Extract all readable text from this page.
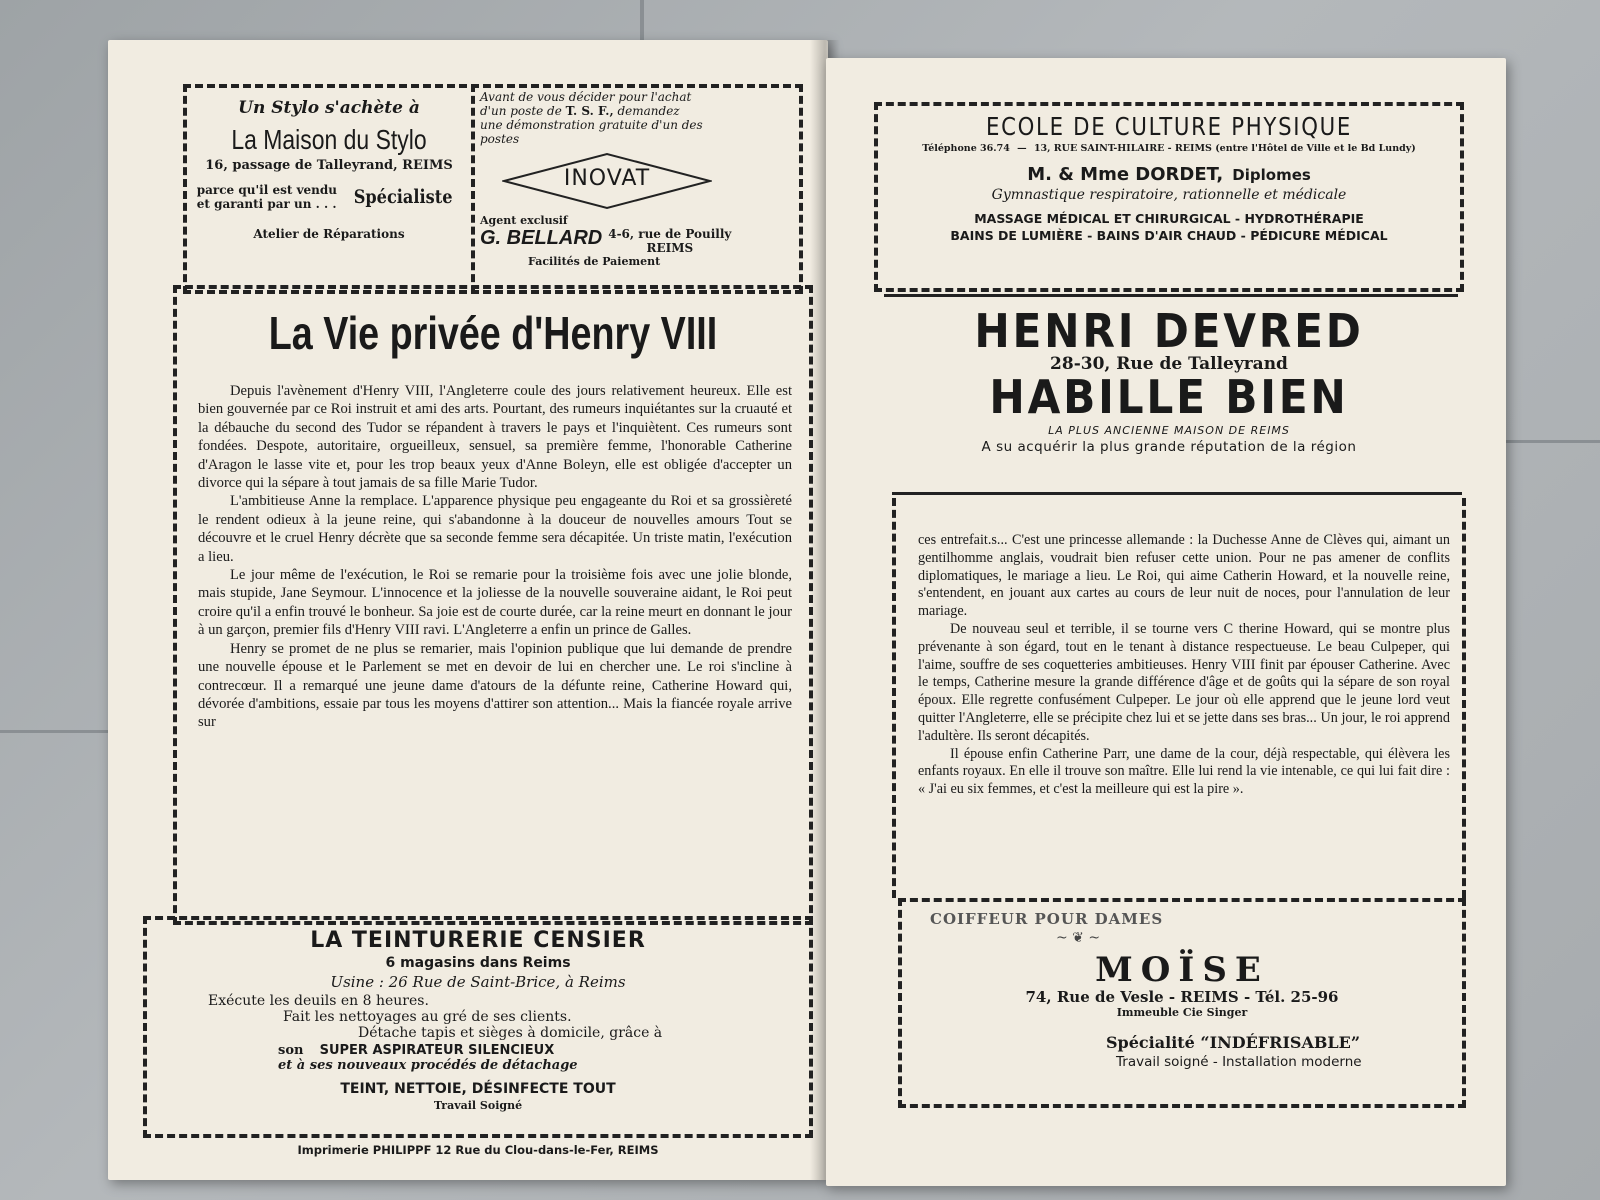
Un Stylo s'achète à
La Maison du Stylo
16, passage de Talleyrand, REIMS
parce qu'il est vendu
et garanti par un . . . Spécialiste
Atelier de Réparations
Avant de vous décider pour l'achat
d'un poste de T. S. F., demandez
une démonstration gratuite d'un des
postes
INOVAT
Agent exclusif
G. BELLARD 4-6, rue de Pouilly
REIMS
Facilités de Paiement
La Vie privée d'Henry VIII

Depuis l'avènement d'Henry VIII, l'Angleterre coule des jours relativement heureux. Elle est bien gouvernée par ce Roi instruit et ami des arts. Pourtant, des rumeurs inquiétantes sur la cruauté et la débauche du second des Tudor se répandent à travers le pays et l'inquiètent. Ces rumeurs sont fondées. Despote, autoritaire, orgueilleux, sensuel, sa première femme, l'honorable Catherine d'Aragon le lasse vite et, pour les trop beaux yeux d'Anne Boleyn, elle est obligée d'accepter un divorce qui la sépare à tout jamais de sa fille Marie Tudor.

L'ambitieuse Anne la remplace. L'apparence physique peu engageante du Roi et sa grossièreté le rendent odieux à la jeune reine, qui s'abandonne à la douceur de nouvelles amours Tout se découvre et le cruel Henry décrète que sa seconde femme sera décapitée. Un triste matin, l'exécution a lieu.

Le jour même de l'exécution, le Roi se remarie pour la troisième fois avec une jolie blonde, mais stupide, Jane Seymour. L'innocence et la joliesse de la nouvelle souveraine aidant, le Roi peut croire qu'il a enfin trouvé le bonheur. Sa joie est de courte durée, car la reine meurt en donnant le jour à un garçon, premier fils d'Henry VIII ravi. L'Angleterre a enfin un prince de Galles.

Henry se promet de ne plus se remarier, mais l'opinion publique que lui demande de prendre une nouvelle épouse et le Parlement se met en devoir de lui en chercher une. Le roi s'incline à contrecœur. Il a remarqué une jeune dame d'atours de la défunte reine, Catherine Howard qui, dévorée d'ambitions, essaie par tous les moyens d'attirer son attention... Mais la fiancée royale arrive sur

LA TEINTURERIE CENSIER
6 magasins dans Reims
Usine : 26 Rue de Saint-Brice, à Reims
Exécute les deuils en 8 heures.
Fait les nettoyages au gré de ses clients.
Détache tapis et sièges à domicile, grâce à
son SUPER ASPIRATEUR SILENCIEUX
et à ses nouveaux procédés de détachage
TEINT, NETTOIE, DÉSINFECTE TOUT
Travail Soigné
Imprimerie PHILIPPF 12 Rue du Clou-dans-le-Fer, REIMS
ECOLE DE CULTURE PHYSIQUE
Téléphone 36.74 — 13, RUE SAINT-HILAIRE - REIMS (entre l'Hôtel de Ville et le Bd Lundy)
M. & Mme DORDET, Diplomes
Gymnastique respiratoire, rationnelle et médicale
MASSAGE MÉDICAL ET CHIRURGICAL - HYDROTHÉRAPIE
BAINS DE LUMIÈRE - BAINS D'AIR CHAUD - PÉDICURE MÉDICAL
HENRI DEVRED
28-30, Rue de Talleyrand
HABILLE BIEN
LA PLUS ANCIENNE MAISON DE REIMS
A su acquérir la plus grande réputation de la région

ces entrefait.s... C'est une princesse allemande : la Duchesse Anne de Clèves qui, aimant un gentilhomme anglais, voudrait bien refuser cette union. Pour ne pas amener de conflits diplomatiques, le mariage a lieu. Le Roi, qui aime Catherin Howard, et la nouvelle reine, s'entendent, en jouant aux cartes au cours de leur nuit de noces, pour l'annulation de leur mariage.

De nouveau seul et terrible, il se tourne vers C therine Howard, qui se montre plus prévenante à son égard, tout en le tenant à distance respectueuse. Le beau Culpeper, qui l'aime, souffre de ses coquetteries ambitieuses. Henry VIII finit par épouser Catherine. Avec le temps, Catherine mesure la grande différence d'âge et de goûts qui la sépare de son royal époux. Elle regrette confusément Culpeper. Le jour où elle apprend que le jeune lord veut quitter l'Angleterre, elle se précipite chez lui et se jette dans ses bras... Un jour, le roi apprend l'adultère. Ils seront décapités.

Il épouse enfin Catherine Parr, une dame de la cour, déjà respectable, qui élèvera les enfants royaux. En elle il trouve son maître. Elle lui rend la vie intenable, ce qui lui fait dire : « J'ai eu six femmes, et c'est la meilleure qui est la pire ».

COIFFEUR POUR DAMES
~ ❦ ~
MOÏSE
74, Rue de Vesle - REIMS - Tél. 25-96
Immeuble Cie Singer
Spécialité “INDÉFRISABLE”
Travail soigné - Installation moderne
